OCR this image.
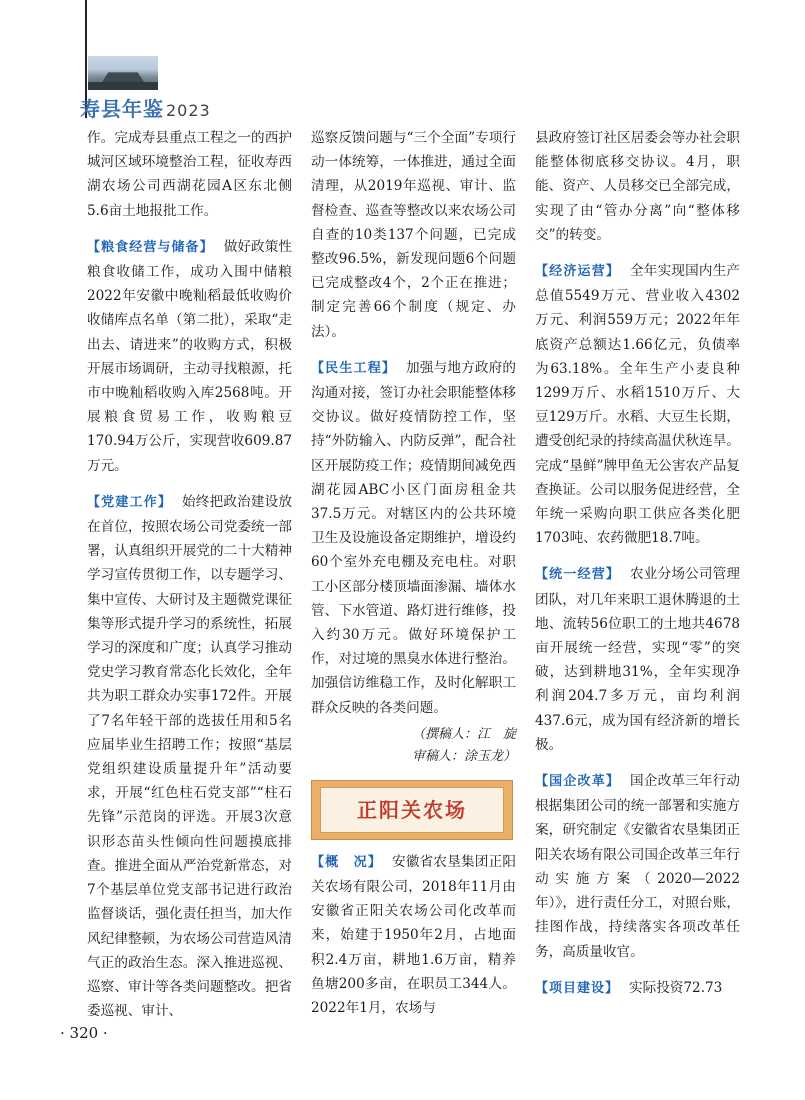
寿县年鉴 2023

作。完成寿县重点工程之一的西护城河区域环境整治工程，征收寿西湖农场公司西湖花园A区东北侧5.6亩土地报批工作。

【粮食经营与储备】 做好政策性粮食收储工作，成功入围中储粮2022年安徽中晚籼稻最低收购价收储库点名单（第二批），采取“走出去、请进来”的收购方式，积极开展市场调研，主动寻找粮源，托市中晚籼稻收购入库2568吨。开展粮食贸易工作，收购粮豆170.94万公斤，实现营收609.87万元。

【党建工作】 始终把政治建设放在首位，按照农场公司党委统一部署，认真组织开展党的二十大精神学习宣传贯彻工作，以专题学习、集中宣传、大研讨及主题微党课征集等形式提升学习的系统性，拓展学习的深度和广度；认真学习推动党史学习教育常态化长效化，全年共为职工群众办实事172件。开展了7名年轻干部的选拔任用和5名应届毕业生招聘工作；按照“基层党组织建设质量提升年”活动要求，开展“红色柱石党支部”“柱石先锋”示范岗的评选。开展3次意识形态苗头性倾向性问题摸底排查。推进全面从严治党新常态，对7个基层单位党支部书记进行政治监督谈话，强化责任担当，加大作风纪律整顿，为农场公司营造风清气正的政治生态。深入推进巡视、巡察、审计等各类问题整改。把省委巡视、审计、

巡察反馈问题与“三个全面”专项行动一体统筹，一体推进，通过全面清理，从2019年巡视、审计、监督检查、巡查等整改以来农场公司自查的10类137个问题，已完成整改96.5%，新发现问题6个问题已完成整改4个，2个正在推进；制定完善66个制度（规定、办法）。

【民生工程】 加强与地方政府的沟通对接，签订办社会职能整体移交协议。做好疫情防控工作，坚持“外防输入、内防反弹”，配合社区开展防疫工作；疫情期间减免西湖花园ABC小区门面房租金共37.5万元。对辖区内的公共环境卫生及设施设备定期维护，增设约60个室外充电棚及充电柱。对职工小区部分楼顶墙面渗漏、墙体水管、下水管道、路灯进行维修，投入约30万元。做好环境保护工作，对过境的黑臭水体进行整治。加强信访维稳工作，及时化解职工群众反映的各类问题。

（撰稿人：江　旋
审稿人：涂玉龙）
正阳关农场

【概　况】 安徽省农垦集团正阳关农场有限公司，2018年11月由安徽省正阳关农场公司化改革而来，始建于1950年2月，占地面积2.4万亩，耕地1.6万亩，精养鱼塘200多亩，在职员工344人。2022年1月，农场与

县政府签订社区居委会等办社会职能整体彻底移交协议。4月，职能、资产、人员移交已全部完成，实现了由“管办分离”向“整体移交”的转变。

【经济运营】 全年实现国内生产总值5549万元、营业收入4302万元、利润559万元；2022年年底资产总额达1.66亿元，负债率为63.18%。全年生产小麦良种1299万斤、水稻1510万斤、大豆129万斤。水稻、大豆生长期，遭受创纪录的持续高温伏秋连旱。完成“垦鲜”牌甲鱼无公害农产品复查换证。公司以服务促进经营，全年统一采购向职工供应各类化肥1703吨、农药微肥18.7吨。

【统一经营】 农业分场公司管理团队，对几年来职工退休腾退的土地、流转56位职工的土地共4678亩开展统一经营，实现“零”的突破，达到耕地31%，全年实现净利润204.7多万元，亩均利润437.6元，成为国有经济新的增长极。

【国企改革】 国企改革三年行动根据集团公司的统一部署和实施方案，研究制定《安徽省农垦集团正阳关农场有限公司国企改革三年行动实施方案（2020—2022年）》，进行责任分工，对照台账，挂图作战，持续落实各项改革任务，高质量收官。

【项目建设】 实际投资72.73

· 320 ·
